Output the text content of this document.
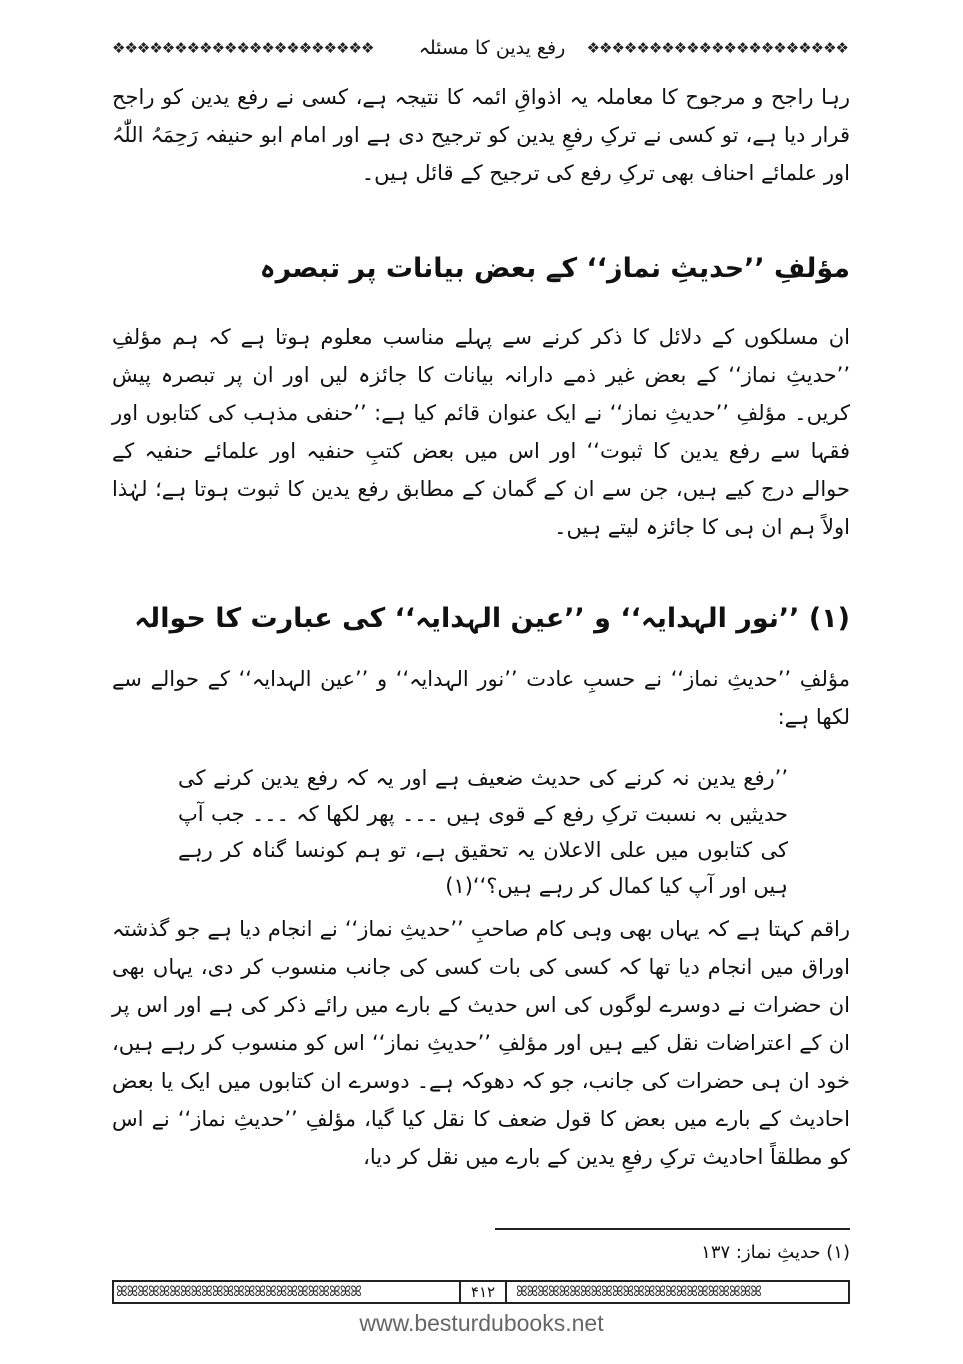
❖❖❖❖❖❖❖❖❖❖❖❖❖❖❖❖❖❖❖❖❖	رفع یدین کا مسئلہ	❖❖❖❖❖❖❖❖❖❖❖❖❖❖❖❖❖❖❖❖❖

رہا راجح و مرجوح کا معاملہ یہ اذواقِ ائمہ کا نتیجہ ہے، کسی نے رفع یدین کو راجح قرار دیا ہے، تو کسی نے ترکِ رفعِ یدین کو ترجیح دی ہے اور امام ابو حنیفہ رَحِمَہُ اللّٰہُ اور علمائے احناف بھی ترکِ رفع کی ترجیح کے قائل ہیں۔

مؤلفِ ’’حدیثِ نماز‘‘ کے بعض بیانات پر تبصرہ

ان مسلکوں کے دلائل کا ذکر کرنے سے پہلے مناسب معلوم ہوتا ہے کہ ہم مؤلفِ ’’حدیثِ نماز‘‘ کے بعض غیر ذمے دارانہ بیانات کا جائزہ لیں اور ان پر تبصرہ پیش کریں۔ مؤلفِ ’’حدیثِ نماز‘‘ نے ایک عنوان قائم کیا ہے: ’’حنفی مذہب کی کتابوں اور فقہا سے رفع یدین کا ثبوت‘‘ اور اس میں بعض کتبِ حنفیہ اور علمائے حنفیہ کے حوالے درج کیے ہیں، جن سے ان کے گمان کے مطابق رفع یدین کا ثبوت ہوتا ہے؛ لہٰذا اولاً ہم ان ہی کا جائزہ لیتے ہیں۔

(۱) ’’نور الہدایہ‘‘ و ’’عین الہدایہ‘‘ کی عبارت کا حوالہ

مؤلفِ ’’حدیثِ نماز‘‘ نے حسبِ عادت ’’نور الہدایہ‘‘ و ’’عین الہدایہ‘‘ کے حوالے سے لکھا ہے:

’’رفع یدین نہ کرنے کی حدیث ضعیف ہے اور یہ کہ رفع یدین کرنے کی حدیثیں بہ نسبت ترکِ رفع کے قوی ہیں ۔۔۔ پھر لکھا کہ ۔۔۔ جب آپ کی کتابوں میں علی الاعلان یہ تحقیق ہے، تو ہم کونسا گناہ کر رہے ہیں اور آپ کیا کمال کر رہے ہیں؟‘‘(۱)

راقم کہتا ہے کہ یہاں بھی وہی کام صاحبِ ’’حدیثِ نماز‘‘ نے انجام دیا ہے جو گذشتہ اوراق میں انجام دیا تھا کہ کسی کی بات کسی کی جانب منسوب کر دی، یہاں بھی ان حضرات نے دوسرے لوگوں کی اس حدیث کے بارے میں رائے ذکر کی ہے اور اس پر ان کے اعتراضات نقل کیے ہیں اور مؤلفِ ’’حدیثِ نماز‘‘ اس کو منسوب کر رہے ہیں، خود ان ہی حضرات کی جانب، جو کہ دھوکہ ہے۔ دوسرے ان کتابوں میں ایک یا بعض احادیث کے بارے میں بعض کا قول ضعف کا نقل کیا گیا، مؤلفِ ’’حدیثِ نماز‘‘ نے اس کو مطلقاً احادیث ترکِ رفعِ یدین کے بارے میں نقل کر دیا،

(۱) حدیثِ نماز: ۱۳۷
ꕤꕤꕤꕤꕤꕤꕤꕤꕤꕤꕤꕤꕤꕤꕤꕤꕤꕤꕤꕤꕤꕤꕤ	۴۱۲	ꕤꕤꕤꕤꕤꕤꕤꕤꕤꕤꕤꕤꕤꕤꕤꕤꕤꕤꕤꕤꕤꕤꕤ
www.besturdubooks.net
